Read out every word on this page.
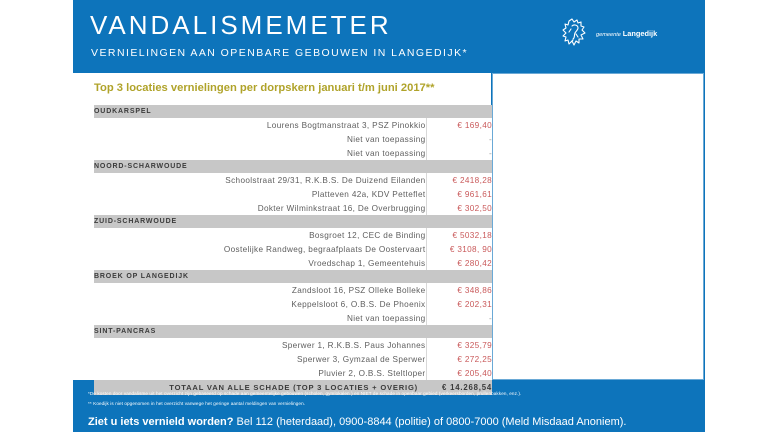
VANDALISMEMETER
VERNIELINGEN AAN OPENBARE GEBOUWEN IN LANGEDIJK*
gemeente Langedijk
Top 3 locaties vernielingen per dorpskern januari t/m juni 2017**
OUDKARSPEL	
Lourens Bogtmanstraat 3, PSZ Pinokkio	€ 169,40
Niet van toepassing	-
Niet van toepassing	-
NOORD-SCHARWOUDE	
Schoolstraat 29/31, R.K.B.S. De Duizend Eilanden	€ 2418,28
Platteven 42a, KDV Petteflet	€ 961,61
Dokter Wilminkstraat 16, De Overbrugging	€ 302,50
ZUID-SCHARWOUDE	
Bosgroet 12, CEC de Binding	€ 5032,18
Oostelijke Randweg, begraafplaats De Oostervaart	€ 3108, 90
Vroedschap 1, Gemeentehuis	€ 280,42
BROEK OP LANGEDIJK	
Zandsloot 16, PSZ Olleke Bolleke	€ 348,86
Keppelsloot 6, O.B.S. De Phoenix	€ 202,31
Niet van toepassing	-
SINT-PANCRAS	
Sperwer 1, R.K.B.S. Paus Johannes	€ 325,79
Sperwer 3, Gymzaal de Sperwer	€ 272,25
Pluvier 2, O.B.S. Steltloper	€ 205,40
TOTAAL VAN ALLE SCHADE (TOP 3 LOCATIES + OVERIG)	€ 14.268,54
*De kosten door vandalisme uit het overzicht zijn gebaseerd op schade aan gemeentelijke gebouwen (scholen, gymlokalen ) en NIET de schade in openbaar gebied (verkeersborden, prullenbakken, enz.).
** Koedijk is niet opgenomen in het overzicht vanwege het geringe aantal meldingen van vernielingen.
Ziet u iets vernield worden? Bel 112 (heterdaad), 0900-8844 (politie) of 0800-7000 (Meld Misdaad Anoniem).
